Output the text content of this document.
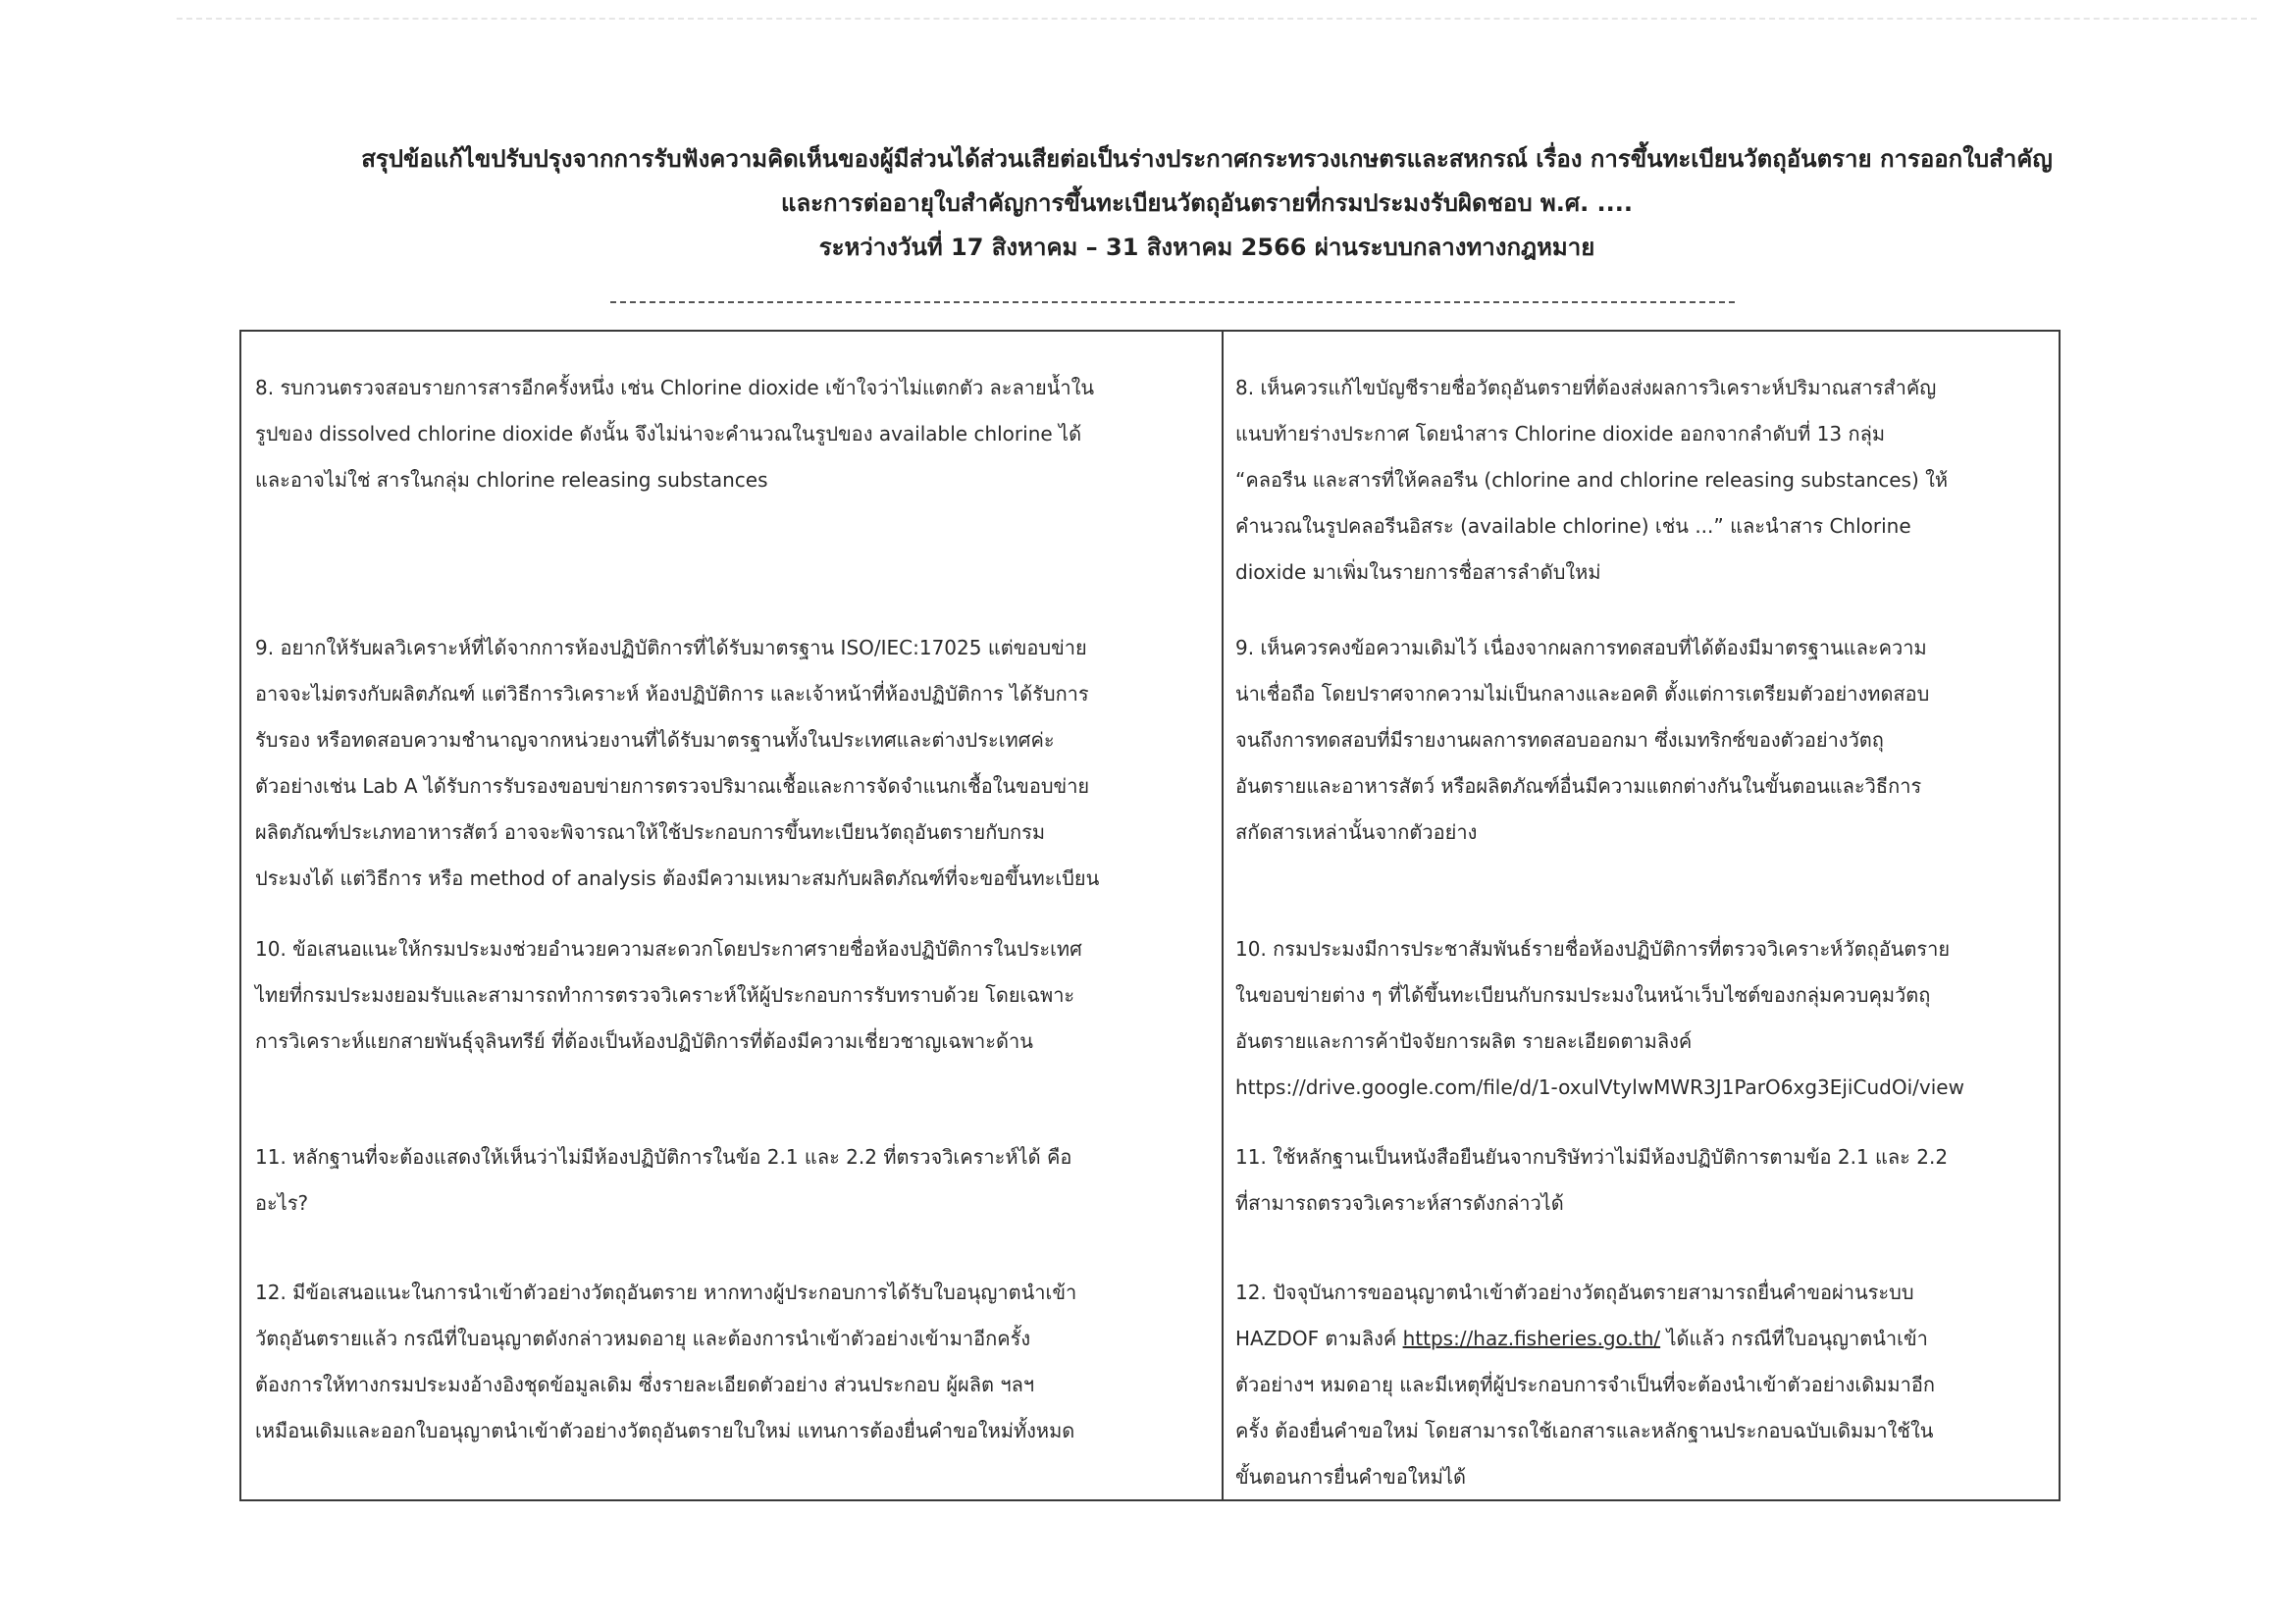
สรุปข้อแก้ไขปรับปรุงจากการรับฟังความคิดเห็นของผู้มีส่วนได้ส่วนเสียต่อเป็นร่างประกาศกระทรวงเกษตรและสหกรณ์ เรื่อง การขึ้นทะเบียนวัตถุอันตราย การออกใบสำคัญ
และการต่ออายุใบสำคัญการขึ้นทะเบียนวัตถุอันตรายที่กรมประมงรับผิดชอบ พ.ศ. ....
ระหว่างวันที่ 17 สิงหาคม – 31 สิงหาคม 2566 ผ่านระบบกลางทางกฎหมาย
8. รบกวนตรวจสอบรายการสารอีกครั้งหนึ่ง เช่น Chlorine dioxide เข้าใจว่าไม่แตกตัว ละลายน้ำใน
รูปของ dissolved chlorine dioxide ดังนั้น จึงไม่น่าจะคำนวณในรูปของ available chlorine ได้
และอาจไม่ใช่ สารในกลุ่ม chlorine releasing substances
8. เห็นควรแก้ไขบัญชีรายชื่อวัตถุอันตรายที่ต้องส่งผลการวิเคราะห์ปริมาณสารสำคัญ
แนบท้ายร่างประกาศ โดยนำสาร Chlorine dioxide ออกจากลำดับที่ 13 กลุ่ม
“คลอรีน และสารที่ให้คลอรีน (chlorine and chlorine releasing substances) ให้
คำนวณในรูปคลอรีนอิสระ (available chlorine) เช่น ...” และนำสาร Chlorine
dioxide มาเพิ่มในรายการชื่อสารลำดับใหม่
9. อยากให้รับผลวิเคราะห์ที่ได้จากการห้องปฏิบัติการที่ได้รับมาตรฐาน ISO/IEC:17025 แต่ขอบข่าย
อาจจะไม่ตรงกับผลิตภัณฑ์ แต่วิธีการวิเคราะห์ ห้องปฏิบัติการ และเจ้าหน้าที่ห้องปฏิบัติการ ได้รับการ
รับรอง หรือทดสอบความชำนาญจากหน่วยงานที่ได้รับมาตรฐานทั้งในประเทศและต่างประเทศค่ะ
ตัวอย่างเช่น Lab A ได้รับการรับรองขอบข่ายการตรวจปริมาณเชื้อและการจัดจำแนกเชื้อในขอบข่าย
ผลิตภัณฑ์ประเภทอาหารสัตว์ อาจจะพิจารณาให้ใช้ประกอบการขึ้นทะเบียนวัตถุอันตรายกับกรม
ประมงได้ แต่วิธีการ หรือ method of analysis ต้องมีความเหมาะสมกับผลิตภัณฑ์ที่จะขอขึ้นทะเบียน
9. เห็นควรคงข้อความเดิมไว้ เนื่องจากผลการทดสอบที่ได้ต้องมีมาตรฐานและความ
น่าเชื่อถือ โดยปราศจากความไม่เป็นกลางและอคติ ตั้งแต่การเตรียมตัวอย่างทดสอบ
จนถึงการทดสอบที่มีรายงานผลการทดสอบออกมา ซึ่งเมทริกซ์ของตัวอย่างวัตถุ
อันตรายและอาหารสัตว์ หรือผลิตภัณฑ์อื่นมีความแตกต่างกันในขั้นตอนและวิธีการ
สกัดสารเหล่านั้นจากตัวอย่าง
10. ข้อเสนอแนะให้กรมประมงช่วยอำนวยความสะดวกโดยประกาศรายชื่อห้องปฏิบัติการในประเทศ
ไทยที่กรมประมงยอมรับและสามารถทำการตรวจวิเคราะห์ให้ผู้ประกอบการรับทราบด้วย โดยเฉพาะ
การวิเคราะห์แยกสายพันธุ์จุลินทรีย์ ที่ต้องเป็นห้องปฏิบัติการที่ต้องมีความเชี่ยวชาญเฉพาะด้าน
10. กรมประมงมีการประชาสัมพันธ์รายชื่อห้องปฏิบัติการที่ตรวจวิเคราะห์วัตถุอันตราย
ในขอบข่ายต่าง ๆ ที่ได้ขึ้นทะเบียนกับกรมประมงในหน้าเว็บไซต์ของกลุ่มควบคุมวัตถุ
อันตรายและการค้าปัจจัยการผลิต รายละเอียดตามลิงค์
https://drive.google.com/file/d/1-oxulVtylwMWR3J1ParO6xg3EjiCudOi/view
11. หลักฐานที่จะต้องแสดงให้เห็นว่าไม่มีห้องปฏิบัติการในข้อ 2.1 และ 2.2 ที่ตรวจวิเคราะห์ได้ คือ
อะไร?
11. ใช้หลักฐานเป็นหนังสือยืนยันจากบริษัทว่าไม่มีห้องปฏิบัติการตามข้อ 2.1 และ 2.2
ที่สามารถตรวจวิเคราะห์สารดังกล่าวได้
12. มีข้อเสนอแนะในการนำเข้าตัวอย่างวัตถุอันตราย หากทางผู้ประกอบการได้รับใบอนุญาตนำเข้า
วัตถุอันตรายแล้ว กรณีที่ใบอนุญาตดังกล่าวหมดอายุ และต้องการนำเข้าตัวอย่างเข้ามาอีกครั้ง
ต้องการให้ทางกรมประมงอ้างอิงชุดข้อมูลเดิม ซึ่งรายละเอียดตัวอย่าง ส่วนประกอบ ผู้ผลิต ฯลฯ
เหมือนเดิมและออกใบอนุญาตนำเข้าตัวอย่างวัตถุอันตรายใบใหม่ แทนการต้องยื่นคำขอใหม่ทั้งหมด
12. ปัจจุบันการขออนุญาตนำเข้าตัวอย่างวัตถุอันตรายสามารถยื่นคำขอผ่านระบบ
HAZDOF ตามลิงค์ https://haz.fisheries.go.th/ ได้แล้ว กรณีที่ใบอนุญาตนำเข้า
ตัวอย่างฯ หมดอายุ และมีเหตุที่ผู้ประกอบการจำเป็นที่จะต้องนำเข้าตัวอย่างเดิมมาอีก
ครั้ง ต้องยื่นคำขอใหม่ โดยสามารถใช้เอกสารและหลักฐานประกอบฉบับเดิมมาใช้ใน
ขั้นตอนการยื่นคำขอใหม่ได้
